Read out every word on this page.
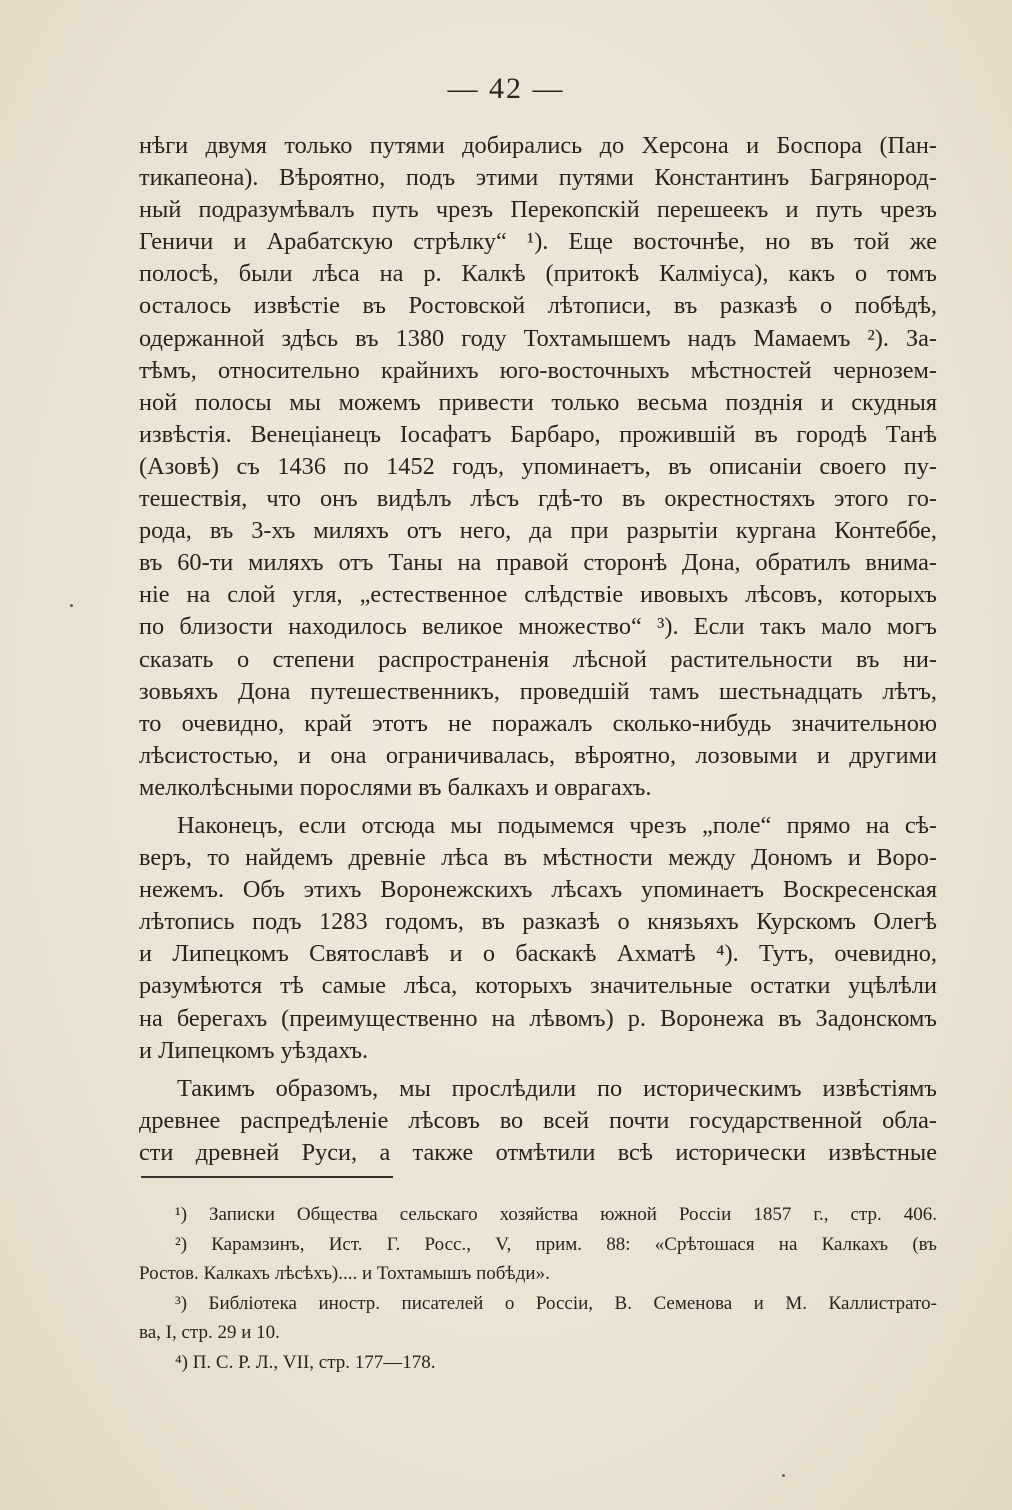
— 42 —
нѣги двумя только путями добирались до Херсона и Боспора (Пан-
тикапеона). Вѣроятно, подъ этими путями Константинъ Багрянород-
ный подразумѣвалъ путь чрезъ Перекопскій перешеекъ и путь чрезъ
Геничи и Арабатскую стрѣлку“ ¹). Еще восточнѣе, но въ той же
полосѣ, были лѣса на р. Калкѣ (притокѣ Калміуса), какъ о томъ
осталось извѣстіе въ Ростовской лѣтописи, въ разказѣ о побѣдѣ,
одержанной здѣсь въ 1380 году Тохтамышемъ надъ Мамаемъ ²). За-
тѣмъ, относительно крайнихъ юго-восточныхъ мѣстностей чернозем-
ной полосы мы можемъ привести только весьма позднія и скудныя
извѣстія. Венеціанецъ Іосафатъ Барбаро, прожившій въ городѣ Танѣ
(Азовѣ) съ 1436 по 1452 годъ, упоминаетъ, въ описаніи своего пу-
тешествія, что онъ видѣлъ лѣсъ гдѣ-то въ окрестностяхъ этого го-
рода, въ 3-хъ миляхъ отъ него, да при разрытіи кургана Контеббе,
въ 60-ти миляхъ отъ Таны на правой сторонѣ Дона, обратилъ внима-
ніе на слой угля, „естественное слѣдствіе ивовыхъ лѣсовъ, которыхъ
по близости находилось великое множество“ ³). Если такъ мало могъ
сказать о степени распространенія лѣсной растительности въ ни-
зовьяхъ Дона путешественникъ, проведшій тамъ шестьнадцать лѣтъ,
то очевидно, край этотъ не поражалъ сколько-нибудь значительною
лѣсистостью, и она ограничивалась, вѣроятно, лозовыми и другими
мелколѣсными порослями въ балкахъ и оврагахъ.
Наконецъ, если отсюда мы подымемся чрезъ „поле“ прямо на сѣ-
веръ, то найдемъ древніе лѣса въ мѣстности между Дономъ и Воро-
нежемъ. Объ этихъ Воронежскихъ лѣсахъ упоминаетъ Воскресенская
лѣтопись подъ 1283 годомъ, въ разказѣ о князьяхъ Курскомъ Олегѣ
и Липецкомъ Святославѣ и о баскакѣ Ахматѣ ⁴). Тутъ, очевидно,
разумѣются тѣ самые лѣса, которыхъ значительные остатки уцѣлѣли
на берегахъ (преимущественно на лѣвомъ) р. Воронежа въ Задонскомъ
и Липецкомъ уѣздахъ.
Такимъ образомъ, мы прослѣдили по историческимъ извѣстіямъ
древнее распредѣленіе лѣсовъ во всей почти государственной обла-
сти древней Руси, а также отмѣтили всѣ исторически извѣстные
¹) Записки Общества сельскаго хозяйства южной Россіи 1857 г., стр. 406.
²) Карамзинъ, Ист. Г. Росс., V, прим. 88: «Срѣтошася на Калкахъ (въ
Ростов. Калкахъ лѣсѣхъ).... и Тохтамышъ побѣди».
³) Библіотека иностр. писателей о Россіи, В. Семенова и М. Каллистрато-
ва, I, стр. 29 и 10.
⁴) П. С. Р. Л., VII, стр. 177—178.
